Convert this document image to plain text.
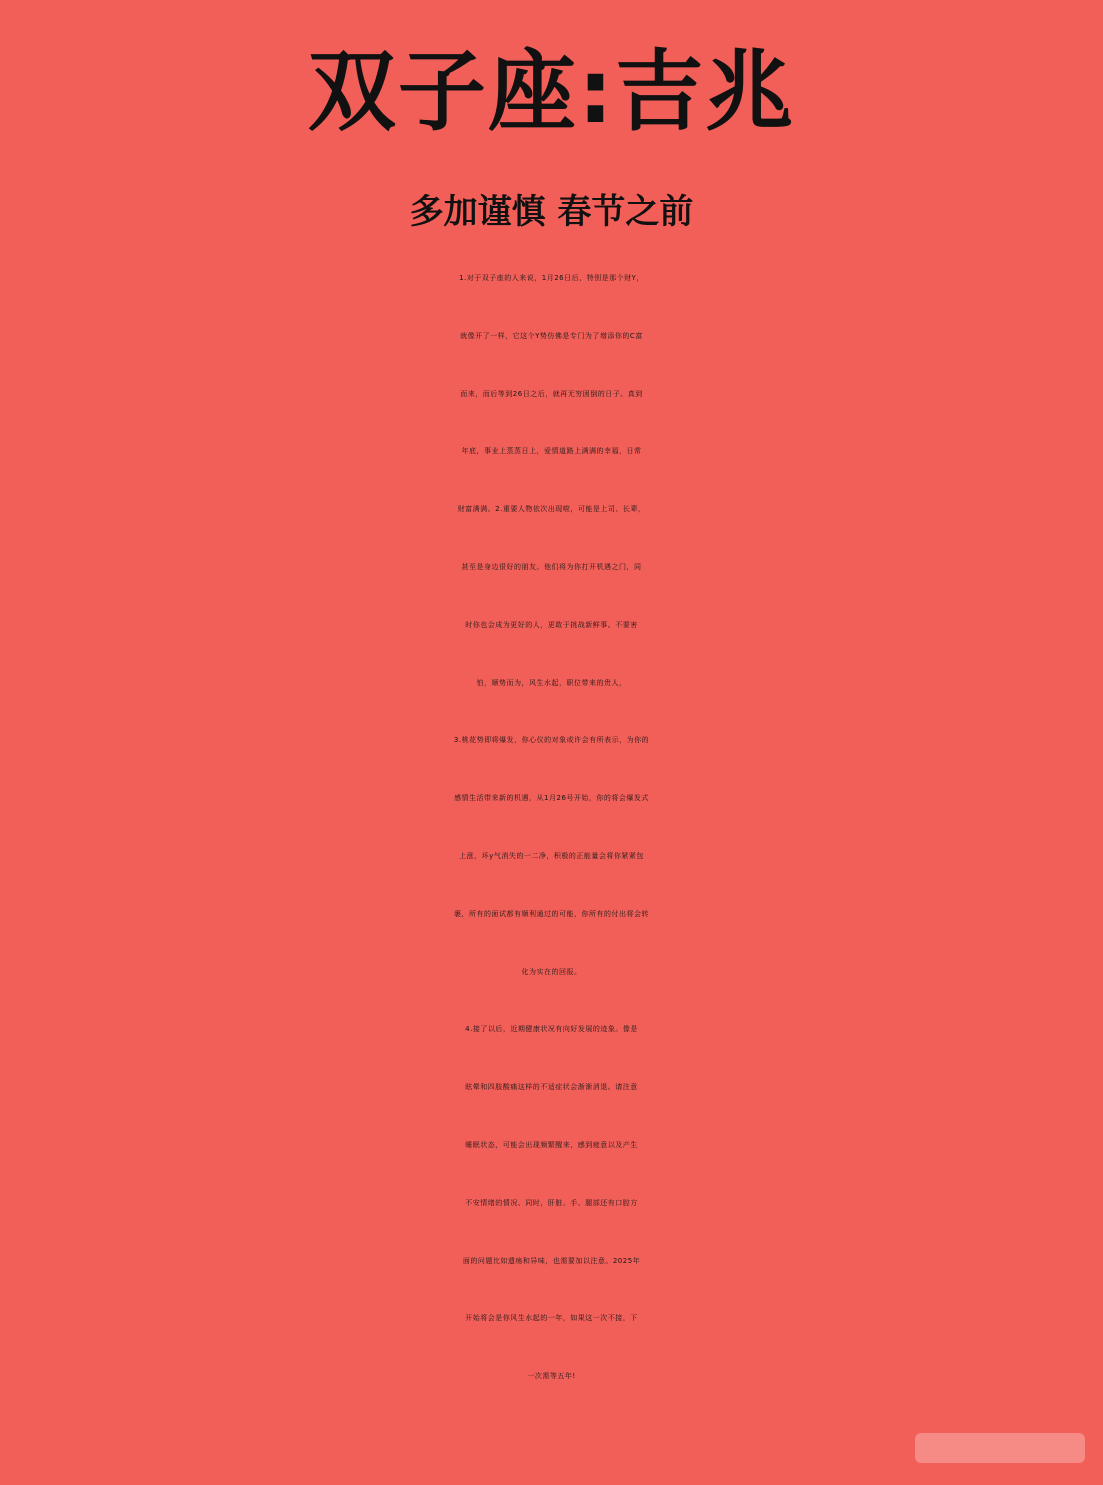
双子座:吉兆
多加谨慎 春节之前
1.对于双子座的人来说，1月26日后，特别是那个财Y，
就像开了一样，它这个Y势仿佛是专门为了增添你的C富
而来，而后等到26日之后，就再无穷困倒的日子。真到
年底，事业上蒸蒸日上，爱情道路上满满的幸福，日常
财富满满。2.重要人物依次出现啦，可能是上司、长辈，
甚至是身边很好的朋友。他们将为你打开机遇之门，同
时你也会成为更好的人，更敢于挑战新鲜事。不要害
怕，顺势而为，风生水起，职位带来的贵人，
3.桃花势即将爆发，你心仪的对象或许会有所表示，为你的
感情生活带来新的机遇，从1月26号开始，你的将会爆发式
上涨，坏y气消失的一二净，积极的正能量会将你紧紧包
裹，所有的面试都有顺利通过的可能，你所有的付出将会转
化为实在的回报。
4.接了以后，近期健康状况有向好发展的迹象。像是
眩晕和四肢酸痛这样的不适症状会渐渐消退。请注意
睡眠状态，可能会出现频繁醒来，感到疲意以及产生
不安情绪的情况、同时，肝脏、手、腿部还有口腔方
面的问题比如遗疡和异味，也需要加以注意。2025年
开始将会是你风生水起的一年，如果这一次不接，下
一次需等五年!
